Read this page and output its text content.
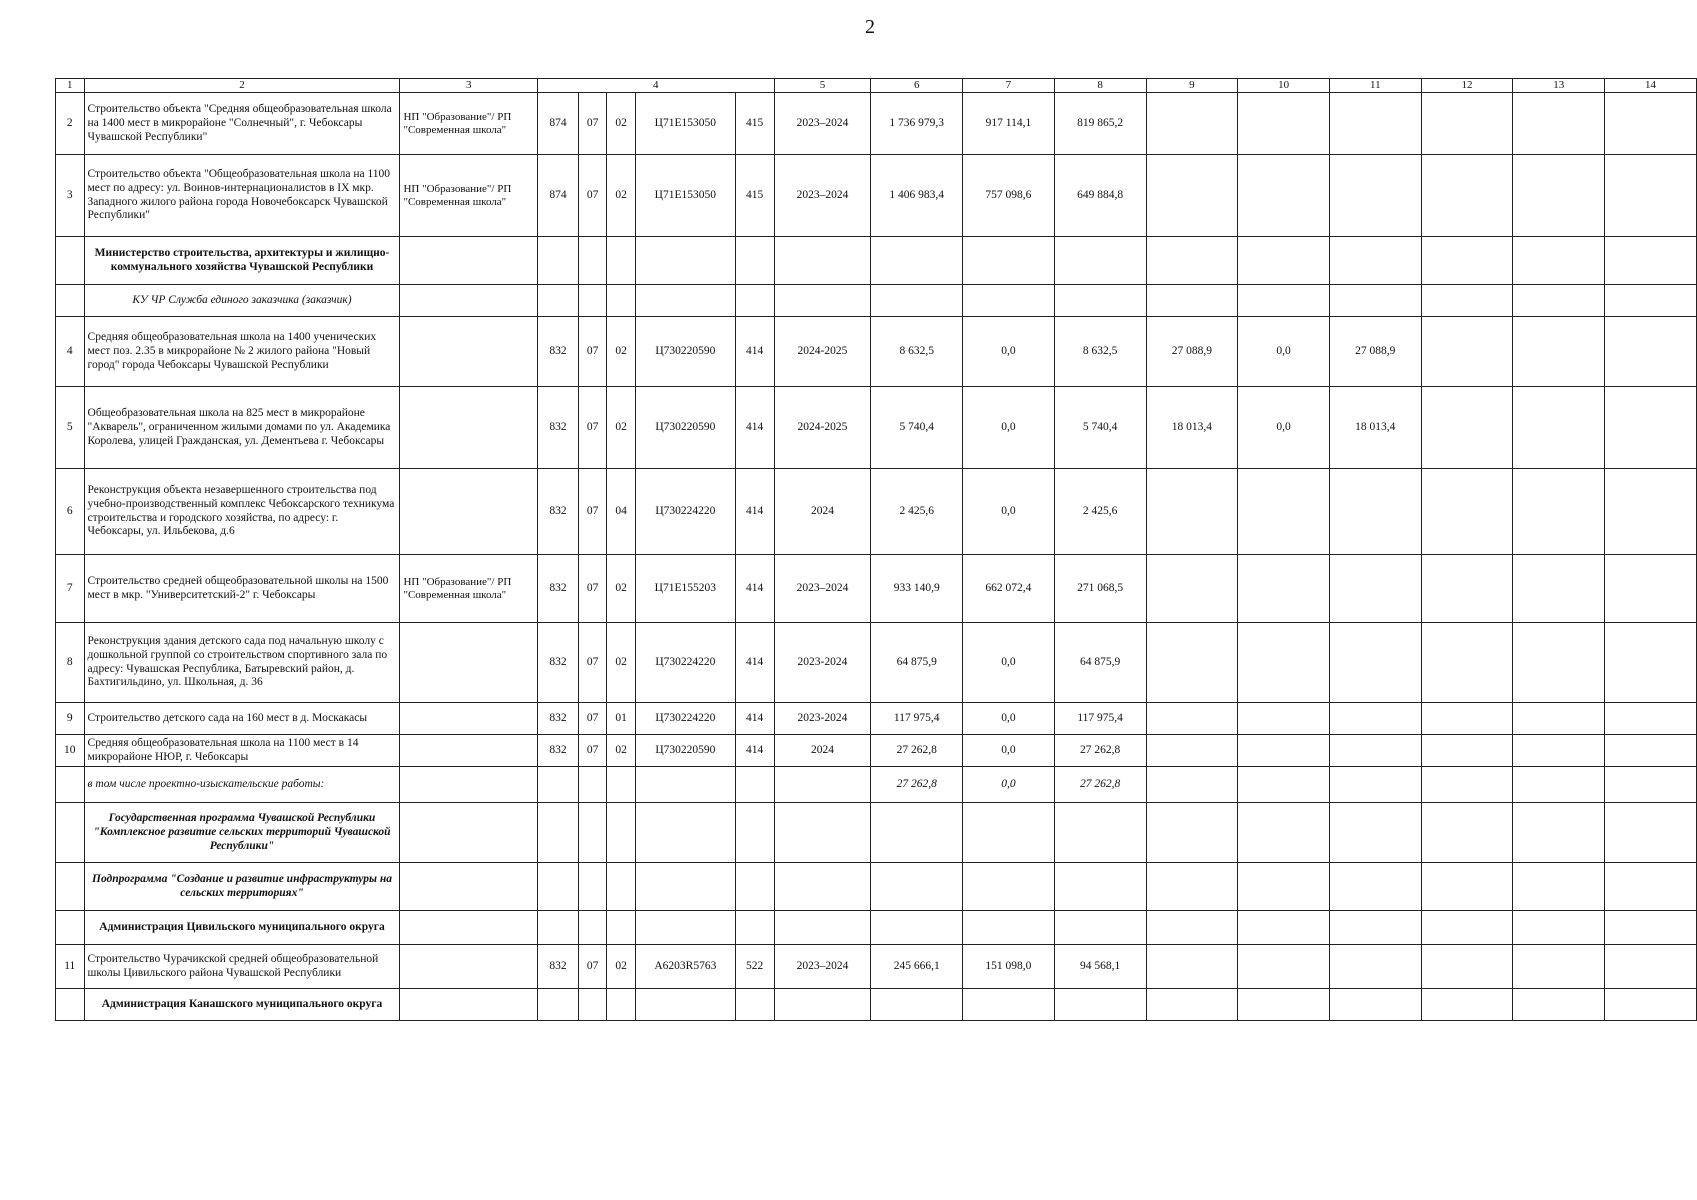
2
1	2	3	4					5	6	7	8	9	10	11	12	13	14
2	Строительство объекта "Средняя общеобразовательная школа на 1400 мест в микрорайоне "Солнечный", г. Чебоксары Чувашской Республики"	НП "Образование"/ РП "Современная школа"	874	07	02	Ц71Е153050	415	2023–2024	1 736 979,3	917 114,1	819 865,2						
3	Строительство объекта "Общеобразовательная школа на 1100 мест по адресу: ул. Воинов-интернационалистов в IX мкр. Западного жилого района города Новочебоксарск Чувашской Республики"	НП "Образование"/ РП "Современная школа"	874	07	02	Ц71Е153050	415	2023–2024	1 406 983,4	757 098,6	649 884,8						
	Министерство строительства, архитектуры и жилищно-коммунального хозяйства Чувашской Республики																
	КУ ЧР Служба единого заказчика (заказчик)																
4	Средняя общеобразовательная школа на 1400 ученических мест поз. 2.35 в микрорайоне № 2 жилого района "Новый город" города Чебоксары Чувашской Республики		832	07	02	Ц730220590	414	2024-2025	8 632,5	0,0	8 632,5	27 088,9	0,0	27 088,9			
5	Общеобразовательная школа на 825 мест в микрорайоне "Акварель", ограниченном жилыми домами по ул. Академика Королева, улицей Гражданская, ул. Дементьева г. Чебоксары		832	07	02	Ц730220590	414	2024-2025	5 740,4	0,0	5 740,4	18 013,4	0,0	18 013,4			
6	Реконструкция объекта незавершенного строительства под учебно-производственный комплекс Чебоксарского техникума строительства и городского хозяйства, по адресу: г. Чебоксары, ул. Ильбекова, д.6		832	07	04	Ц730224220	414	2024	2 425,6	0,0	2 425,6						
7	Строительство средней общеобразовательной школы на 1500 мест в мкр. "Университетский-2" г. Чебоксары	НП "Образование"/ РП "Современная школа"	832	07	02	Ц71Е155203	414	2023–2024	933 140,9	662 072,4	271 068,5						
8	Реконструкция здания детского сада под начальную школу с дошкольной группой со строительством спортивного зала по адресу: Чувашская Республика, Батыревский район, д. Бахтигильдино, ул. Школьная, д. 36		832	07	02	Ц730224220	414	2023-2024	64 875,9	0,0	64 875,9						
9	Строительство детского сада на 160 мест в д. Москакасы		832	07	01	Ц730224220	414	2023-2024	117 975,4	0,0	117 975,4						
10	Средняя общеобразовательная школа на 1100 мест в 14 микрорайоне НЮР, г. Чебоксары		832	07	02	Ц730220590	414	2024	27 262,8	0,0	27 262,8						
	в том числе проектно-изыскательские работы:								27 262,8	0,0	27 262,8						
	Государственная программа Чувашской Республики "Комплексное развитие сельских территорий Чувашской Республики"																
	Подпрограмма "Создание и развитие инфраструктуры на сельских территориях"																
	Администрация Цивильского муниципального округа																
11	Строительство Чурачикской средней общеобразовательной школы Цивильского района Чувашской Республики		832	07	02	А6203R5763	522	2023–2024	245 666,1	151 098,0	94 568,1						
	Администрация Канашского муниципального округа																
